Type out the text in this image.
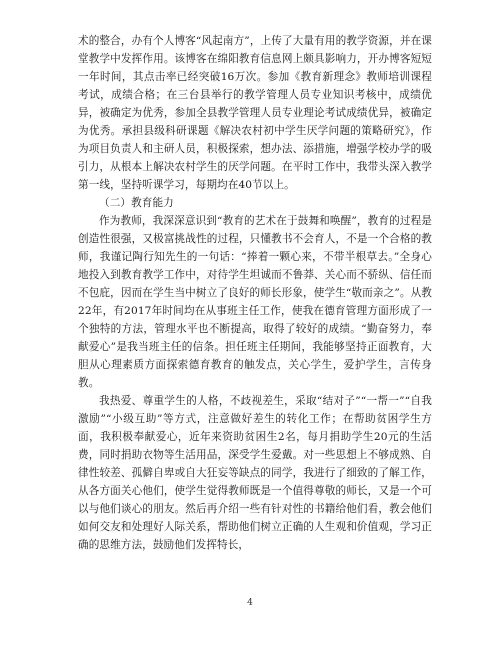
术的整合，办有个人博客“风起南方”，上传了大量有用的教学资源，并在课堂教学中发挥作用。该博客在绵阳教育信息网上颇具影响力，开办博客短短一年时间，其点击率已经突破16万次。参加《教育新理念》教师培训课程考试，成绩合格；在三台县举行的教学管理人员专业知识考核中，成绩优异，被确定为优秀，参加全县教学管理人员专业理论考试成绩优异，被确定为优秀。承担县级科研课题《解决农村初中学生厌学问题的策略研究》，作为项目负责人和主研人员，积极探索，想办法、添措施，增强学校办学的吸引力，从根本上解决农村学生的厌学问题。在平时工作中，我带头深入教学第一线，坚持听课学习，每期均在40节以上。

（二）教育能力

作为教师，我深深意识到“教育的艺术在于鼓舞和唤醒”，教育的过程是创造性很强，又极富挑战性的过程，只懂教书不会育人，不是一个合格的教师，我谨记陶行知先生的一句话：“捧着一颗心来，不带半根草去。”全身心地投入到教育教学工作中，对待学生坦诚而不鲁莽、关心而不骄纵、信任而不包庇，因而在学生当中树立了良好的师长形象，使学生“敬而亲之”。从教22年，有2017年时间均在从事班主任工作，使我在德育管理方面形成了一个独特的方法，管理水平也不断提高，取得了较好的成绩。“勤奋努力，奉献爱心”是我当班主任的信条。担任班主任期间，我能够坚持正面教育，大胆从心理素质方面探索德育教育的触发点，关心学生，爱护学生，言传身教。

我热爱、尊重学生的人格，不歧视差生，采取“结对子”“一帮一”“自我激励”“小级互助”等方式，注意做好差生的转化工作；在帮助贫困学生方面，我积极奉献爱心，近年来资助贫困生2名，每月捐助学生20元的生活费，同时捐助衣物等生活用品，深受学生爱戴。对一些思想上不够成熟、自律性较差、孤僻自卑或自大狂妄等缺点的同学，我进行了细致的了解工作，从各方面关心他们，使学生觉得教师既是一个值得尊敬的师长，又是一个可以与他们谈心的朋友。然后再介绍一些有针对性的书籍给他们看，教会他们如何交友和处理好人际关系，帮助他们树立正确的人生观和价值观，学习正确的思维方法，鼓励他们发挥特长，

4
